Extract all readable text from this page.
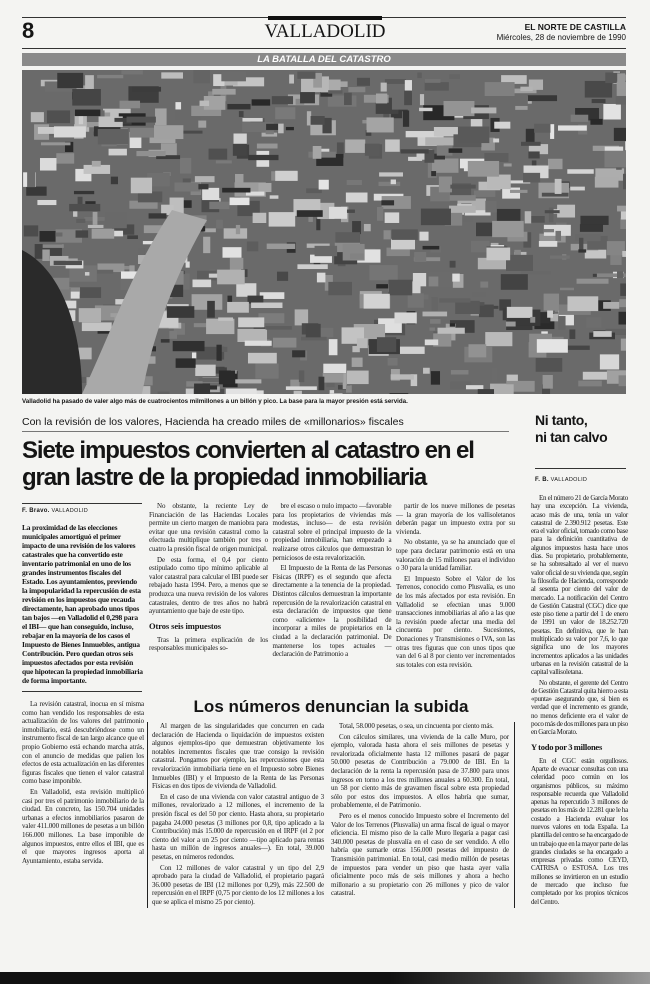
8	VALLADOLID	EL NORTE DE CASTILLA
Miércoles, 28 de noviembre de 1990
LA BATALLA DEL CATASTRO
Valladolid ha pasado de valer algo más de cuatrocientos milmillones a un billón y pico. La base para la mayor presión está servida.
Con la revisión de los valores, Hacienda ha creado miles de «millonarios» fiscales
Siete impuestos convierten al catastro en el gran lastre de la propiedad inmobiliaria
F. Bravo. VALLADOLID
La proximidad de las elecciones municipales amortiguó el primer impacto de una revisión de los valores catastrales que ha convertido este inventario patrimonial en uno de los grandes instrumentos fiscales del Estado. Los ayuntamientos, previendo la impopularidad la repercusión de esta revisión en los impuestos que recauda directamente, han aprobado unos tipos tan bajos —en Valladolid el 0,298 para el IBI— que han conseguido, incluso, rebajar en la mayoría de los casos el Impuesto de Bienes Inmuebles, antigua Contribución. Pero quedan otros seis impuestos afectados por esta revisión que hipotecan la propiedad inmobiliaria de forma importante.

La revisión catastral, inocua en sí misma como han vendido los responsables de esta actualización de los valores del patrimonio inmobiliario, está descubriéndose como un instrumento fiscal de tan largo alcance que el propio Gobierno está echando marcha atrás, con el anuncio de medidas que palien los efectos de esta actualización en las diferentes figuras fiscales que tienen el valor catastral como base imponible.

En Valladolid, esta revisión multiplicó casi por tres el patrimonio inmobiliario de la ciudad. En concreto, las 150.704 unidades urbanas a efectos inmobiliarios pasaron de valer 411.000 millones de pesetas a un billón 166.000 millones. La base imponible de algunos impuestos, entre ellos el IBI, que es el que mayores ingresos aporta al Ayuntamiento, estaba servida.

No obstante, la reciente Ley de Financiación de las Haciendas Locales permite un cierto margen de maniobra para evitar que una revisión catastral como la efectuada multiplique también por tres o cuatro la presión fiscal de origen municipal.

De esta forma, el 0,4 por ciento estipulado como tipo mínimo aplicable al valor catastral para calcular el IBI puede ser rebajado hasta 1994. Pero, a menos que se produzca una nueva revisión de los valores catastrales, dentro de tres años no habrá ayuntamiento que baje de este tipo.

Otros seis impuestos

Tras la primera explicación de los responsables municipales so-

bre el escaso o nulo impacto —favorable para los propietarios de viviendas más modestas, incluso— de esta revisión catastral sobre el principal impuesto de la propiedad inmobiliaria, han empezado a realizarse otros cálculos que demuestran lo perniciosos de esta revalorización.

El Impuesto de la Renta de las Personas Físicas (IRPF) es el segundo que afecta directamente a la tenencia de la propiedad. Distintos cálculos demuestran la importante repercusión de la revalorización catastral en esta declaración de impuestos que tiene como «aliciente» la posibilidad de incorporar a miles de propietarios en la ciudad a la declaración patrimonial. De mantenerse los topes actuales —declaración de Patrimonio a

partir de los nueve millones de pesetas— la gran mayoría de los vallisoletanos deberán pagar un impuesto extra por su vivienda.

No obstante, ya se ha anunciado que el tope para declarar patrimonio está en una valoración de 15 millones para el individuo o 30 para la unidad familiar.

El Impuesto Sobre el Valor de los Terrenos, conocido como Plusvalía, es uno de los más afectados por esta revisión. En Valladolid se efectúan unas 9.000 transacciones inmobiliarias al año a las que la revisión puede afectar una media del cincuenta por ciento. Sucesiones, Donaciones y Transmisiones o IVA, son las otras tres figuras que con unos tipos que van del 6 al 8 por ciento ver incrementados sus totales con esta revisión.

Los números denuncian la subida

Al margen de las singularidades que concurren en cada declaración de Hacienda o liquidación de impuestos existen algunos ejemplos-tipo que demuestran objetivamente los notables incrementos fiscales que trae consigo la revisión catastral. Pongamos por ejemplo, las repercusiones que esta revalorización inmobiliaria tiene en el Impuesto sobre Bienes Inmuebles (IBI) y el Impuesto de la Renta de las Personas Físicas en dos tipos de vivienda de Valladolid.

En el caso de una vivienda con valor catastral antiguo de 3 millones, revalorizado a 12 millones, el incremento de la presión fiscal es del 50 por ciento. Hasta ahora, su propietario pagaba 24.000 pesetas (3 millones por 0,8, tipo aplicado a la Contribución) más 15.000 de repercusión en el IRPF (el 2 por ciento del valor a un 25 por ciento —tipo aplicado para rentas hasta un millón de ingresos anuales—). En total, 39.000 pesetas, en números redondos.

Con 12 millones de valor catastral y un tipo del 2,9 aprobado para la ciudad de Valladolid, el propietario pagará 36.000 pesetas de IBI (12 millones por 0,29), más 22.500 de repercusión en el IRPF (0,75 por ciento de los 12 millones a los que se aplica el mismo 25 por ciento).

Total, 58.000 pesetas, o sea, un cincuenta por ciento más.

Con cálculos similares, una vivienda de la calle Muro, por ejemplo, valorada hasta ahora el seis millones de pesetas y revalorizada oficialmente hasta 12 millones pasará de pagar 50.000 pesetas de Contribución a 79.000 de IBI. En la declaración de la renta la repercusión pasa de 37.800 para unos ingresos en torno a los tres millones anuales a 60.300. En total, un 58 por ciento más de gravamen fiscal sobre esta propiedad sólo por estos dos impuestos. A ellos habría que sumar, probablemente, el de Patrimonio.

Pero es el menos conocido Impuesto sobre el Incremento del Valor de los Terrenos (Plusvalía) un arma fiscal de igual o mayor eficiencia. El mismo piso de la calle Muro llegaría a pagar casi 340.000 pesetas de plusvalía en el caso de ser vendido. A ello habría que sumarle otras 156.000 pesetas del impuesto de Transmisión patrimonial. En total, casi medio millón de pesetas de impuestos para vender un piso que hasta ayer valía oficialmente poco más de seis millones y ahora a hecho millonario a su propietario con 26 millones y pico de valor catastral.

Ni tanto,
ni tan calvo
F. B. VALLADOLID

En el número 21 de García Morato hay una excepción. La vivienda, acaso más de una, tenía un valor catastral de 2.390.912 pesetas. Este era el valor oficial, tomado como base para la definición cuantitativa de algunos impuestos hasta hace unos días. Su propietario, probablemente, se ha sobresaltado al ver el nuevo valor oficial de su vivienda que, según la filosofía de Hacienda, corresponde al sesenta por ciento del valor de mercado. La notificación del Centro de Gestión Catastral (CGC) dice que este piso tiene a partir del 1 de enero de 1991 un valor de 18.252.720 pesetas. En definitiva, que le han multiplicado su valor por 7,6, lo que significa uno de los mayores incrementos aplicados a las unidades urbanas en la revisión catastral de la capital vallisoletana.

No obstante, el gerente del Centro de Gestión Catastral quita hierro a esta «punta» asegurando que, si bien es verdad que el incremento es grande, no menos deficiente era el valor de poco más de dos millones para un piso en García Morato.

Y todo por 3 millones

En el CGC están orgullosos. Aparte de evacuar consultas con una celeridad poco común en los organismos públicos, su máximo responsable recuerda que Valladolid apenas ha repercutido 3 millones de pesetas en los más de 12.281 que le ha costado a Hacienda evaluar los nuevos valores en toda España. La plantilla del centro se ha encargado de un trabajo que en la mayor parte de las grandes ciudades se ha encargado a empresas privadas como CEYD, CATRISA o ESTOSA. Los tres millones se invirtieron en un estudio de mercado que incluso fue completado por los propios técnicos del Centro.
